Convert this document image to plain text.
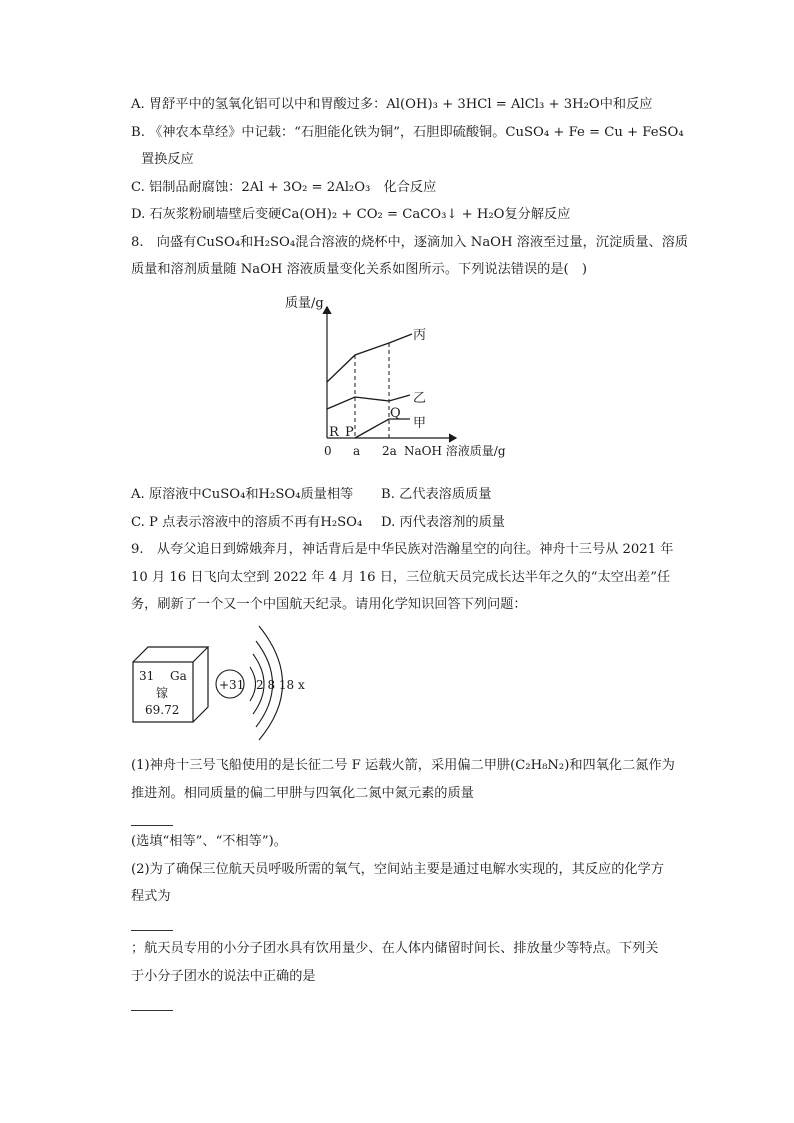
A. 胃舒平中的氢氧化铝可以中和胃酸过多：Al(OH)₃ + 3HCl = AlCl₃ + 3H₂O中和反应
B. 《神农本草经》中记载：“石胆能化铁为铜”，石胆即硫酸铜。CuSO₄ + Fe = Cu + FeSO₄
置换反应
C. 铝制品耐腐蚀：2Al + 3O₂ = 2Al₂O₃　化合反应
D. 石灰浆粉刷墙壁后变硬Ca(OH)₂ + CO₂ = CaCO₃↓ + H₂O复分解反应
8.　向盛有CuSO₄和H₂SO₄混合溶液的烧杯中，逐滴加入 NaOH 溶液至过量，沉淀质量、溶质
质量和溶剂质量随 NaOH 溶液质量变化关系如图所示。下列说法错误的是(　)
质量/g
丙
乙
甲
Q
R P
0 a 2a NaOH 溶液质量/g
A. 原溶液中CuSO₄和H₂SO₄质量相等 B. 乙代表溶质质量
C. P 点表示溶液中的溶质不再有H₂SO₄ D. 丙代表溶剂的质量
9.　从夸父追日到嫦娥奔月，神话背后是中华民族对浩瀚星空的向往。神舟十三号从 2021 年
10 月 16 日飞向太空到 2022 年 4 月 16 日，三位航天员完成长达半年之久的“太空出差”任
务，刷新了一个又一个中国航天纪录。请用化学知识回答下列问题：
31 Ga
镓
69.72
+31 2 8 18 x
(1)神舟十三号飞船使用的是长征二号 F 运载火箭，采用偏二甲肼(C₂H₈N₂)和四氧化二氮作为
推进剂。相同质量的偏二甲肼与四氧化二氮中氮元素的质量
(选填“相等”、“不相等”)。
(2)为了确保三位航天员呼吸所需的氧气，空间站主要是通过电解水实现的，其反应的化学方
程式为
；航天员专用的小分子团水具有饮用量少、在人体内储留时间长、排放量少等特点。下列关
于小分子团水的说法中正确的是
